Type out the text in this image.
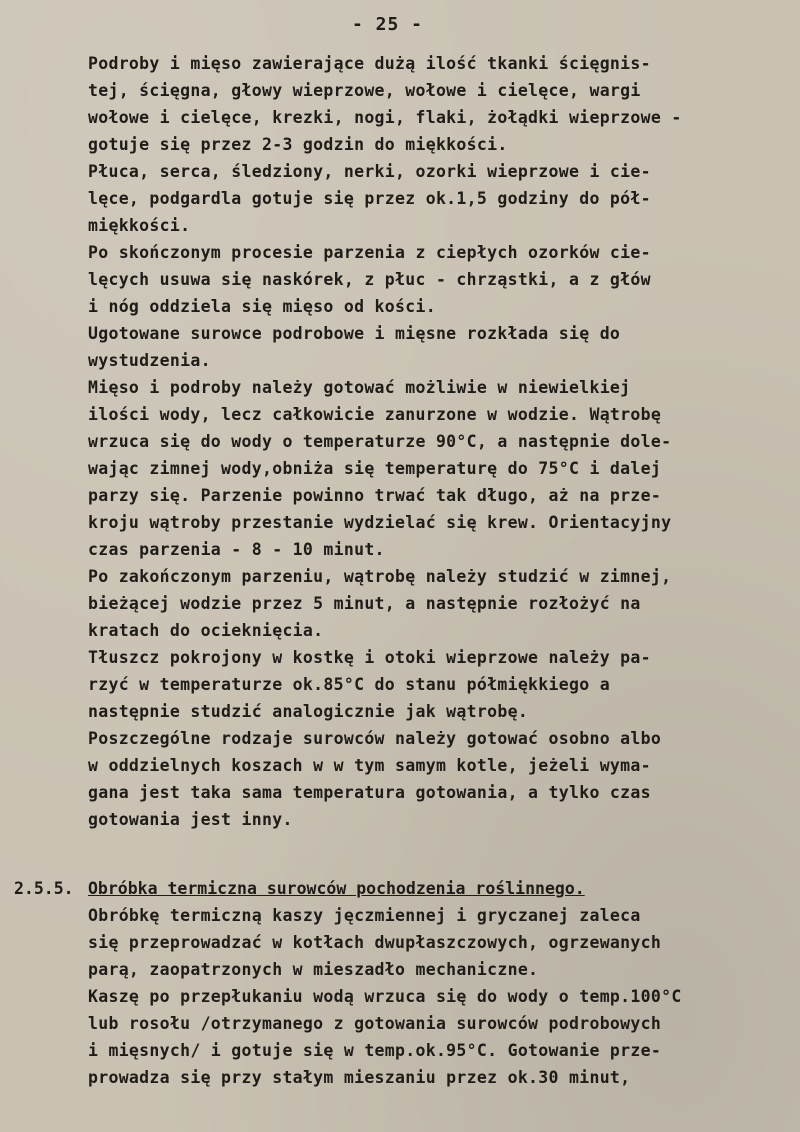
- 25 -
Podroby i mięso zawierające dużą ilość tkanki ścięgnis-
tej, ścięgna, głowy wieprzowe, wołowe i cielęce, wargi
wołowe i cielęce, krezki, nogi, flaki, żołądki wieprzowe -
gotuje się przez 2-3 godzin do miękkości.
Płuca, serca, śledziony, nerki, ozorki wieprzowe i cie-
lęce, podgardla gotuje się przez ok.1,5 godziny do pół-
miękkości.
Po skończonym procesie parzenia z ciepłych ozorków cie-
lęcych usuwa się naskórek, z płuc - chrząstki, a z głów
i nóg oddziela się mięso od kości.
Ugotowane surowce podrobowe i mięsne rozkłada się do
wystudzenia.
Mięso i podroby należy gotować możliwie w niewielkiej
ilości wody, lecz całkowicie zanurzone w wodzie. Wątrobę
wrzuca się do wody o temperaturze 90°C, a następnie dole-
wając zimnej wody,obniża się temperaturę do 75°C i dalej
parzy się. Parzenie powinno trwać tak długo, aż na prze-
kroju wątroby przestanie wydzielać się krew. Orientacyjny
czas parzenia - 8 - 10 minut.
Po zakończonym parzeniu, wątrobę należy studzić w zimnej,
bieżącej wodzie przez 5 minut, a następnie rozłożyć na
kratach do ocieknięcia.
Tłuszcz pokrojony w kostkę i otoki wieprzowe należy pa-
rzyć w temperaturze ok.85°C do stanu półmiękkiego a
następnie studzić analogicznie jak wątrobę.
Poszczególne rodzaje surowców należy gotować osobno albo
w oddzielnych koszach w w tym samym kotle, jeżeli wyma-
gana jest taka sama temperatura gotowania, a tylko czas
gotowania jest inny.
2.5.5. Obróbka termiczna surowców pochodzenia roślinnego.
Obróbkę termiczną kaszy jęczmiennej i gryczanej zaleca
się przeprowadzać w kotłach dwupłaszczowych, ogrzewanych
parą, zaopatrzonych w mieszadło mechaniczne.
Kaszę po przepłukaniu wodą wrzuca się do wody o temp.100°C
lub rosołu /otrzymanego z gotowania surowców podrobowych
i mięsnych/ i gotuje się w temp.ok.95°C. Gotowanie prze-
prowadza się przy stałym mieszaniu przez ok.30 minut,
